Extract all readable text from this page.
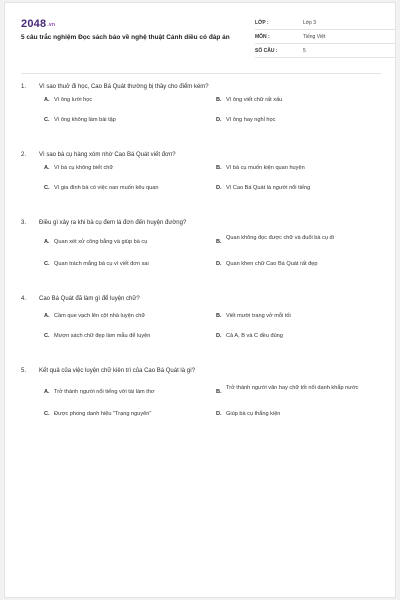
2048.vn
5 câu trắc nghiệm Đọc sách báo về nghệ thuật Cánh diều có đáp án
LỚP :	Lớp 3
MÔN :	Tiếng Việt
SỐ CÂU :	5
1. Vì sao thuở đi học, Cao Bá Quát thường bị thầy cho điểm kém?
A. Vì ông lười học	B. Vì ông viết chữ rất xấu
C. Vì ông không làm bài tập	D. Vì ông hay nghỉ học
2. Vì sao bà cụ hàng xóm nhờ Cao Bá Quát viết đơn?
A. Vì bà cụ không biết chữ	B. Vì bà cụ muốn kiện quan huyện
C. Vì gia đình bà có việc oan muốn kêu quan	D. Vì Cao Bá Quát là người nổi tiếng
3. Điều gì xảy ra khi bà cụ đem lá đơn đến huyện đường?
A. Quan xét xử công bằng và giúp bà cụ	B.
Quan không đọc được chữ và đuổi bà cụ đi
C. Quan trách mắng bà cụ vì viết đơn sai	D. Quan khen chữ Cao Bá Quát rất đẹp
4. Cao Bá Quát đã làm gì để luyện chữ?
A. Cầm que vạch lên cột nhà luyện chữ	B. Viết mười trang vở mỗi tối
C. Mượn sách chữ đẹp làm mẫu để luyện	D. Cả A, B và C đều đúng
5. Kết quả của việc luyện chữ kiên trì của Cao Bá Quát là gì?
A. Trở thành người nổi tiếng với tài làm thơ	B.
Trở thành người văn hay chữ tốt nổi danh khắp nước
C. Được phong danh hiệu "Trạng nguyên"	D. Giúp bà cụ thắng kiện
